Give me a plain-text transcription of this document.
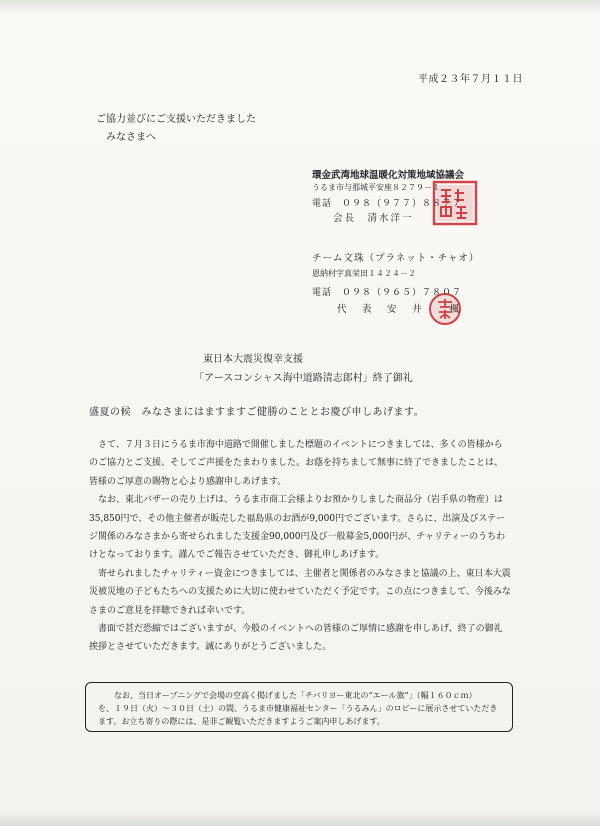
平成２３年７月１１日
ご協力並びにご支援いただきました
みなさまへ
環金武湾地球温暖化対策地域協議会
うるま市与那城平安座８２７９－１
電話　０９８（９７７）８８７７
会長　清水洋一
チーム文珠（プラネット・チャオ）
恩納村字真栄田１４２４－２
電話　０９８（９６５）７８０７
代　表　安　井　　楓
東日本大震災復幸支援
「アースコンシャス海中道路清志郎村」終了御礼
盛夏の候　みなさまにはますますご健勝のこととお慶び申しあげます。

さて、７月３日にうるま市海中道路で開催しました標題のイベントにつきましては、多くの皆様からのご協力とご支援、そしてご声援をたまわりました。お蔭を持ちまして無事に終了できましたことは、皆様のご厚意の賜物と心より感謝申しあげます。

なお、東北バザーの売り上げは、うるま市商工会様よりお預かりしました商品分（岩手県の物産）は35,850円で、その他主催者が販売した福島県のお酒が9,000円でございます。さらに、出演及びステージ関係のみなさまから寄せられました支援金90,000円及び一般募金5,000円が、チャリティーのうちわけとなっております。謹んでご報告させていただき、御礼申しあげます。

寄せられましたチャリティー資金につきましては、主催者と関係者のみなさまと協議の上、東日本大震災被災地の子どもたちへの支援ために大切に使わせていただく予定です。この点につきまして、今後みなさまのご意見を拝聴できれば幸いです。

書面で甚だ恐縮ではございますが、今般のイベントへの皆様のご厚情に感謝を申しあげ、終了の御礼挨拶とさせていただきます。誠にありがとうございました。

なお、当日オープニングで会場の空高く掲げました「チバリヨー東北の“エール旗”」（幅１６０ｃｍ）
を、１９日（火）～３０日（土）の間、うるま市健康福祉センター「うるみん」のロビーに展示させていただきます。お立ち寄りの際には、是非ご観覧いただきますようご案内申しあげます。
